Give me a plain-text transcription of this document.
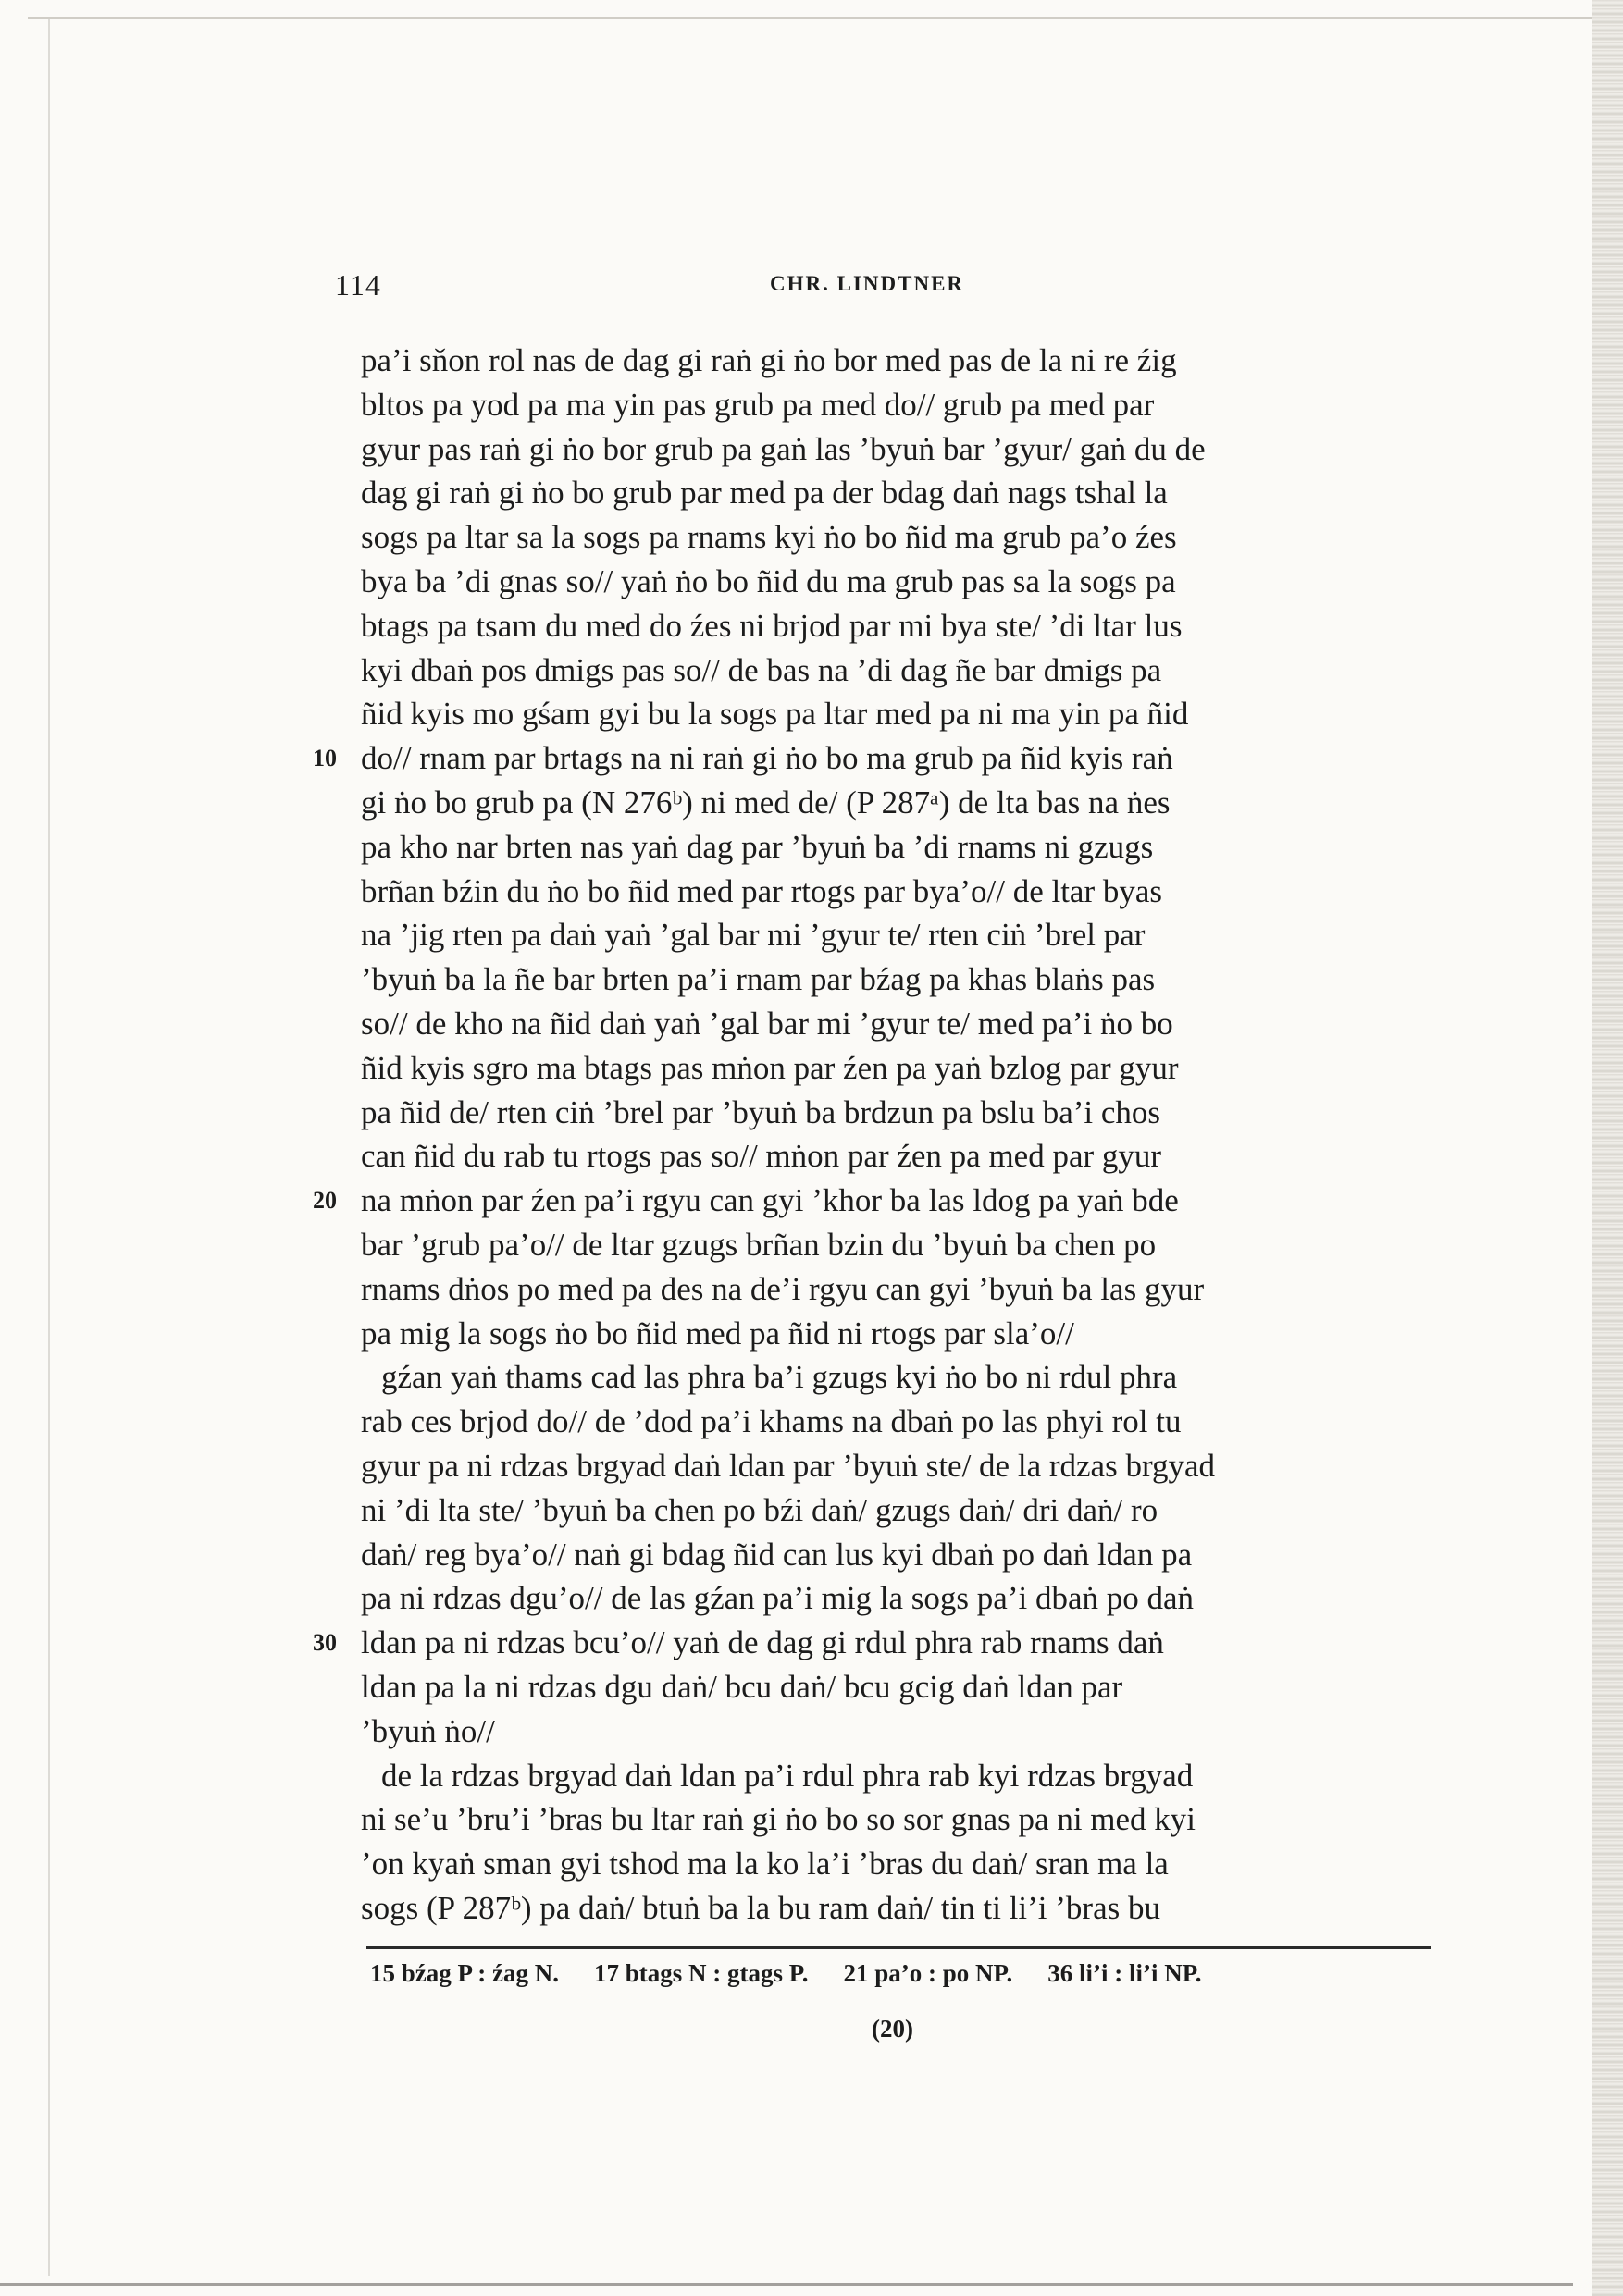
114	CHR. LINDTNER
pa’i sňon rol nas de dag gi raṅ gi ṅo bor med pas de la ni re źig
bltos pa yod pa ma yin pas grub pa med do// grub pa med par
gyur pas raṅ gi ṅo bor grub pa gaṅ las ’byuṅ bar ’gyur/ gaṅ du de
dag gi raṅ gi ṅo bo grub par med pa der bdag daṅ nags tshal la
sogs pa ltar sa la sogs pa rnams kyi ṅo bo ñid ma grub pa’o źes
bya ba ’di gnas so// yaṅ ṅo bo ñid du ma grub pas sa la sogs pa
btags pa tsam du med do źes ni brjod par mi bya ste/ ’di ltar lus
kyi dbaṅ pos dmigs pas so// de bas na ’di dag ñe bar dmigs pa
ñid kyis mo gśam gyi bu la sogs pa ltar med pa ni ma yin pa ñid
10 do// rnam par brtags na ni raṅ gi ṅo bo ma grub pa ñid kyis raṅ
gi ṅo bo grub pa (N 276ᵇ) ni med de/ (P 287ᵃ) de lta bas na ṅes
pa kho nar brten nas yaṅ dag par ’byuṅ ba ’di rnams ni gzugs
brñan bźin du ṅo bo ñid med par rtogs par bya’o// de ltar byas
na ’jig rten pa daṅ yaṅ ’gal bar mi ’gyur te/ rten ciṅ ’brel par
’byuṅ ba la ñe bar brten pa’i rnam par bźag pa khas blaṅs pas
so// de kho na ñid daṅ yaṅ ’gal bar mi ’gyur te/ med pa’i ṅo bo
ñid kyis sgro ma btags pas mṅon par źen pa yaṅ bzlog par gyur
pa ñid de/ rten ciṅ ’brel par ’byuṅ ba brdzun pa bslu ba’i chos
can ñid du rab tu rtogs pas so// mṅon par źen pa med par gyur
20 na mṅon par źen pa’i rgyu can gyi ’khor ba las ldog pa yaṅ bde
bar ’grub pa’o// de ltar gzugs brñan bzin du ’byuṅ ba chen po
rnams dṅos po med pa des na de’i rgyu can gyi ’byuṅ ba las gyur
pa mig la sogs ṅo bo ñid med pa ñid ni rtogs par sla’o//
gźan yaṅ thams cad las phra ba’i gzugs kyi ṅo bo ni rdul phra
rab ces brjod do// de ’dod pa’i khams na dbaṅ po las phyi rol tu
gyur pa ni rdzas brgyad daṅ ldan par ’byuṅ ste/ de la rdzas brgyad
ni ’di lta ste/ ’byuṅ ba chen po bźi daṅ/ gzugs daṅ/ dri daṅ/ ro
daṅ/ reg bya’o// naṅ gi bdag ñid can lus kyi dbaṅ po daṅ ldan pa
pa ni rdzas dgu’o// de las gźan pa’i mig la sogs pa’i dbaṅ po daṅ
30 ldan pa ni rdzas bcu’o// yaṅ de dag gi rdul phra rab rnams daṅ
ldan pa la ni rdzas dgu daṅ/ bcu daṅ/ bcu gcig daṅ ldan par
’byuṅ ṅo//
de la rdzas brgyad daṅ ldan pa’i rdul phra rab kyi rdzas brgyad
ni se’u ’bru’i ’bras bu ltar raṅ gi ṅo bo so sor gnas pa ni med kyi
’on kyaṅ sman gyi tshod ma la ko la’i ’bras du daṅ/ sran ma la
sogs (P 287ᵇ) pa daṅ/ btuṅ ba la bu ram daṅ/ tin ti li’i ’bras bu
15 bźag P : źag N. 17 btags N : gtags P. 21 pa’o : po NP. 36 li’i : li’i NP.
(20)
